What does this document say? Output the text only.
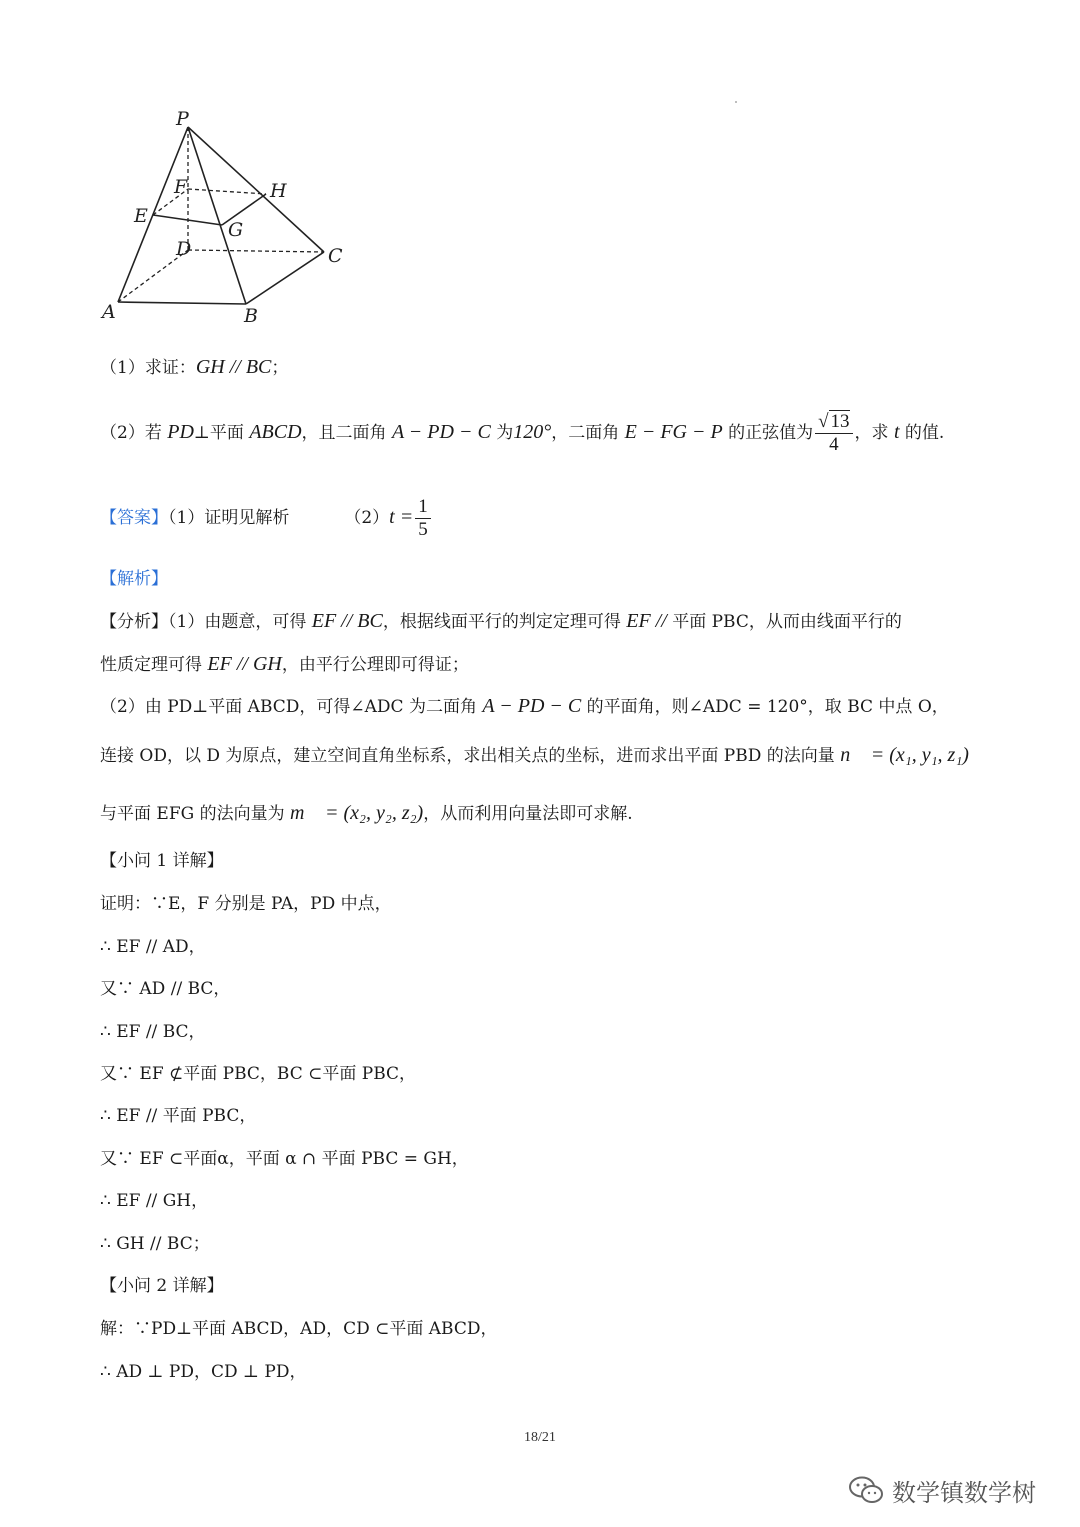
P
F	H
E
G
D	C
A	B
（1）求证：GH // BC；
（2）若 PD⊥平面 ABCD，且二面角 A − PD − C 为120°，二面角 E − FG − P 的正弦值为 $\frac{√ 13}{4}$ ，求 t 的值.
【答案】（1）证明见解析	$(2)t = \frac{1}{5}$
【解析】
【分析】（1）由题意，可得 EF // BC，根据线面平行的判定定理可得 EF // 平面 PBC，从而由线面平行的
性质定理可得 EF // GH，由平行公理即可得证；
（2）由 PD⊥平面 ABCD，可得∠ADC 为二面角 A − PD − C 的平面角，则∠ADC = 120°，取 BC 中点 O，
连接 OD，以 D 为原点，建立空间直角坐标系，求出相关点的坐标，进而求出平面 PBD 的法向量 n⃗ = (x₁, y₁, z₁)
与平面 EFG 的法向量为 m⃗ = (x₂, y₂, z₂)，从而利用向量法即可求解.
【小问 1 详解】
证明：∵E，F 分别是 PA，PD 中点，
∴ EF // AD，
又∵ AD // BC，
∴ EF // BC，
又∵ EF ⊄平面 PBC，BC ⊂平面 PBC，
∴ EF // 平面 PBC，
又∵ EF ⊂平面α，平面 α ∩ 平面 PBC = GH，
∴ EF // GH，
∴ GH // BC；
【小问 2 详解】
解：∵PD⊥平面 ABCD，AD，CD ⊂平面 ABCD，
∴ AD ⊥ PD，CD ⊥ PD，
18/21
数学镇数学树
